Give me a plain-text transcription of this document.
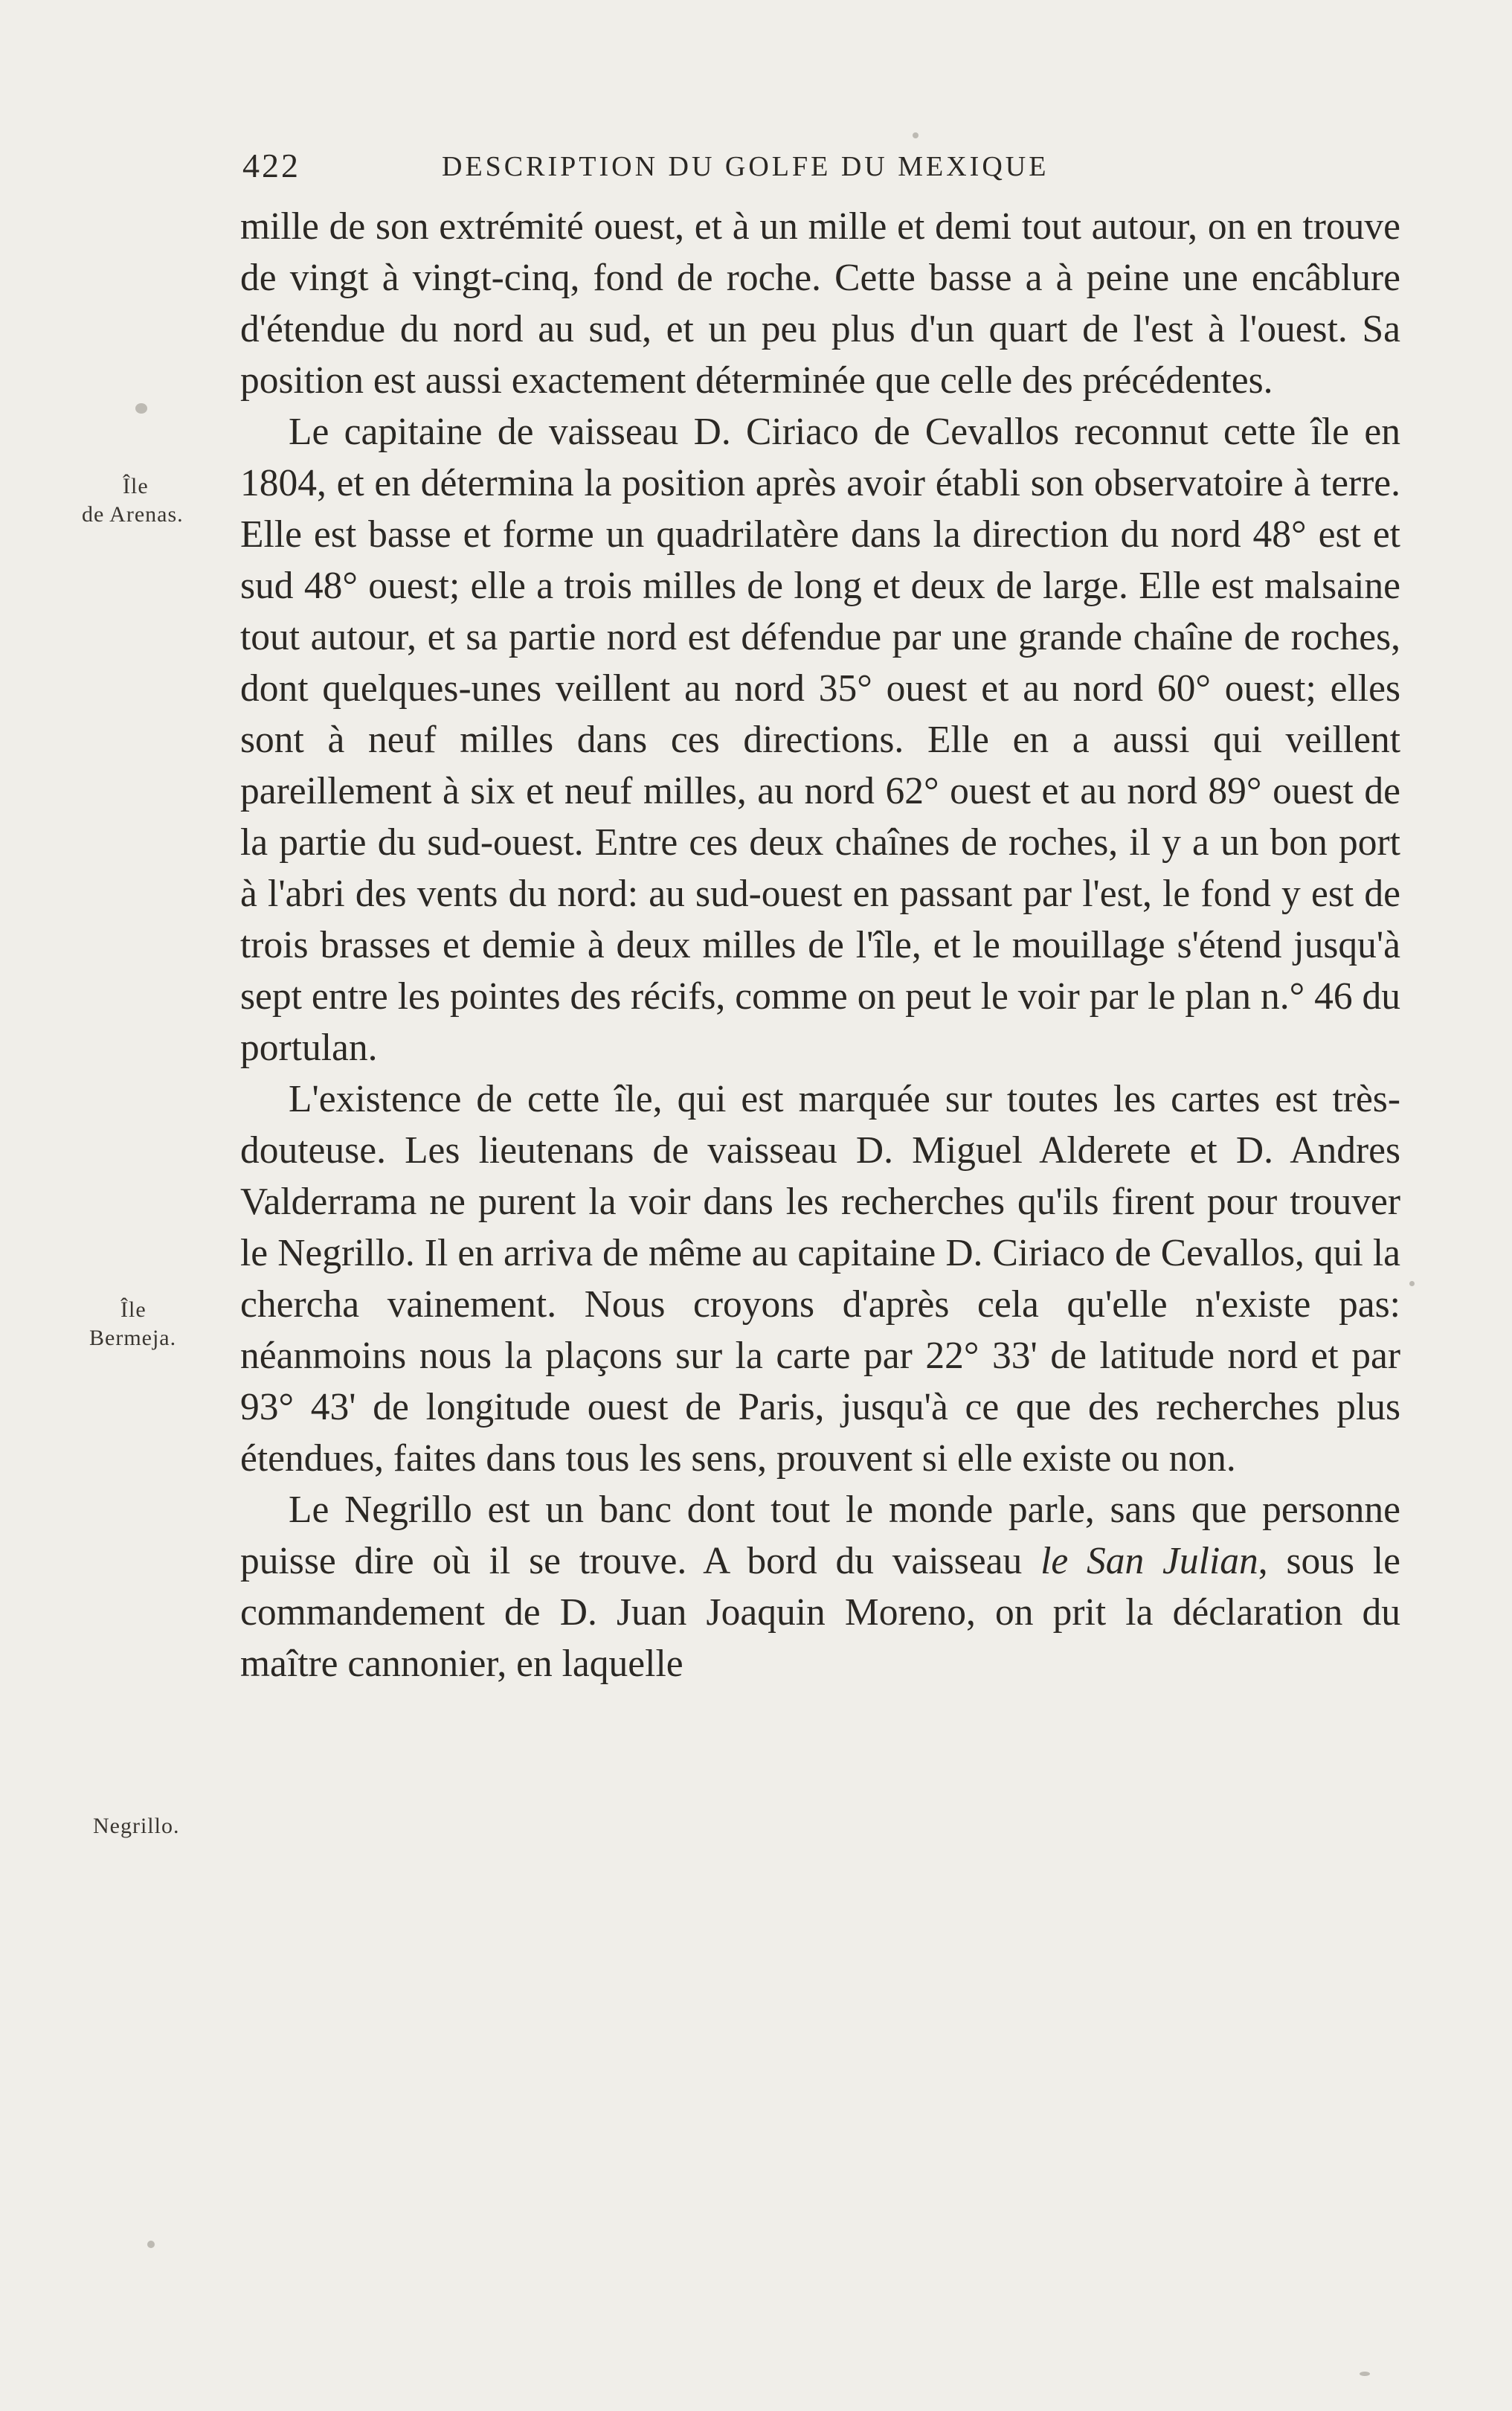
422	DESCRIPTION DU GOLFE DU MEXIQUE
Île
de Arenas.
Île
Bermeja.
Negrillo.

mille de son extrémité ouest, et à un mille et demi tout autour, on en trouve de vingt à vingt-cinq, fond de roche. Cette basse a à peine une encâblure d'étendue du nord au sud, et un peu plus d'un quart de l'est à l'ouest. Sa position est aussi exactement déterminée que celle des précédentes.

Le capitaine de vaisseau D. Ciriaco de Cevallos reconnut cette île en 1804, et en détermina la position après avoir établi son observatoire à terre. Elle est basse et forme un quadrilatère dans la direction du nord 48° est et sud 48° ouest; elle a trois milles de long et deux de large. Elle est malsaine tout autour, et sa partie nord est défendue par une grande chaîne de roches, dont quelques-unes veillent au nord 35° ouest et au nord 60° ouest; elles sont à neuf milles dans ces directions. Elle en a aussi qui veillent pareillement à six et neuf milles, au nord 62° ouest et au nord 89° ouest de la partie du sud-ouest. Entre ces deux chaînes de roches, il y a un bon port à l'abri des vents du nord: au sud-ouest en passant par l'est, le fond y est de trois brasses et demie à deux milles de l'île, et le mouillage s'étend jusqu'à sept entre les pointes des récifs, comme on peut le voir par le plan n.° 46 du portulan.

L'existence de cette île, qui est marquée sur toutes les cartes est très-douteuse. Les lieutenans de vaisseau D. Miguel Alderete et D. Andres Valderrama ne purent la voir dans les recherches qu'ils firent pour trouver le Negrillo. Il en arriva de même au capitaine D. Ciriaco de Cevallos, qui la chercha vainement. Nous croyons d'après cela qu'elle n'existe pas: néanmoins nous la plaçons sur la carte par 22° 33' de latitude nord et par 93° 43' de longitude ouest de Paris, jusqu'à ce que des recherches plus étendues, faites dans tous les sens, prouvent si elle existe ou non.

Le Negrillo est un banc dont tout le monde parle, sans que personne puisse dire où il se trouve. A bord du vaisseau le San Julian, sous le commandement de D. Juan Joaquin Moreno, on prit la déclaration du maître cannonier, en laquelle
